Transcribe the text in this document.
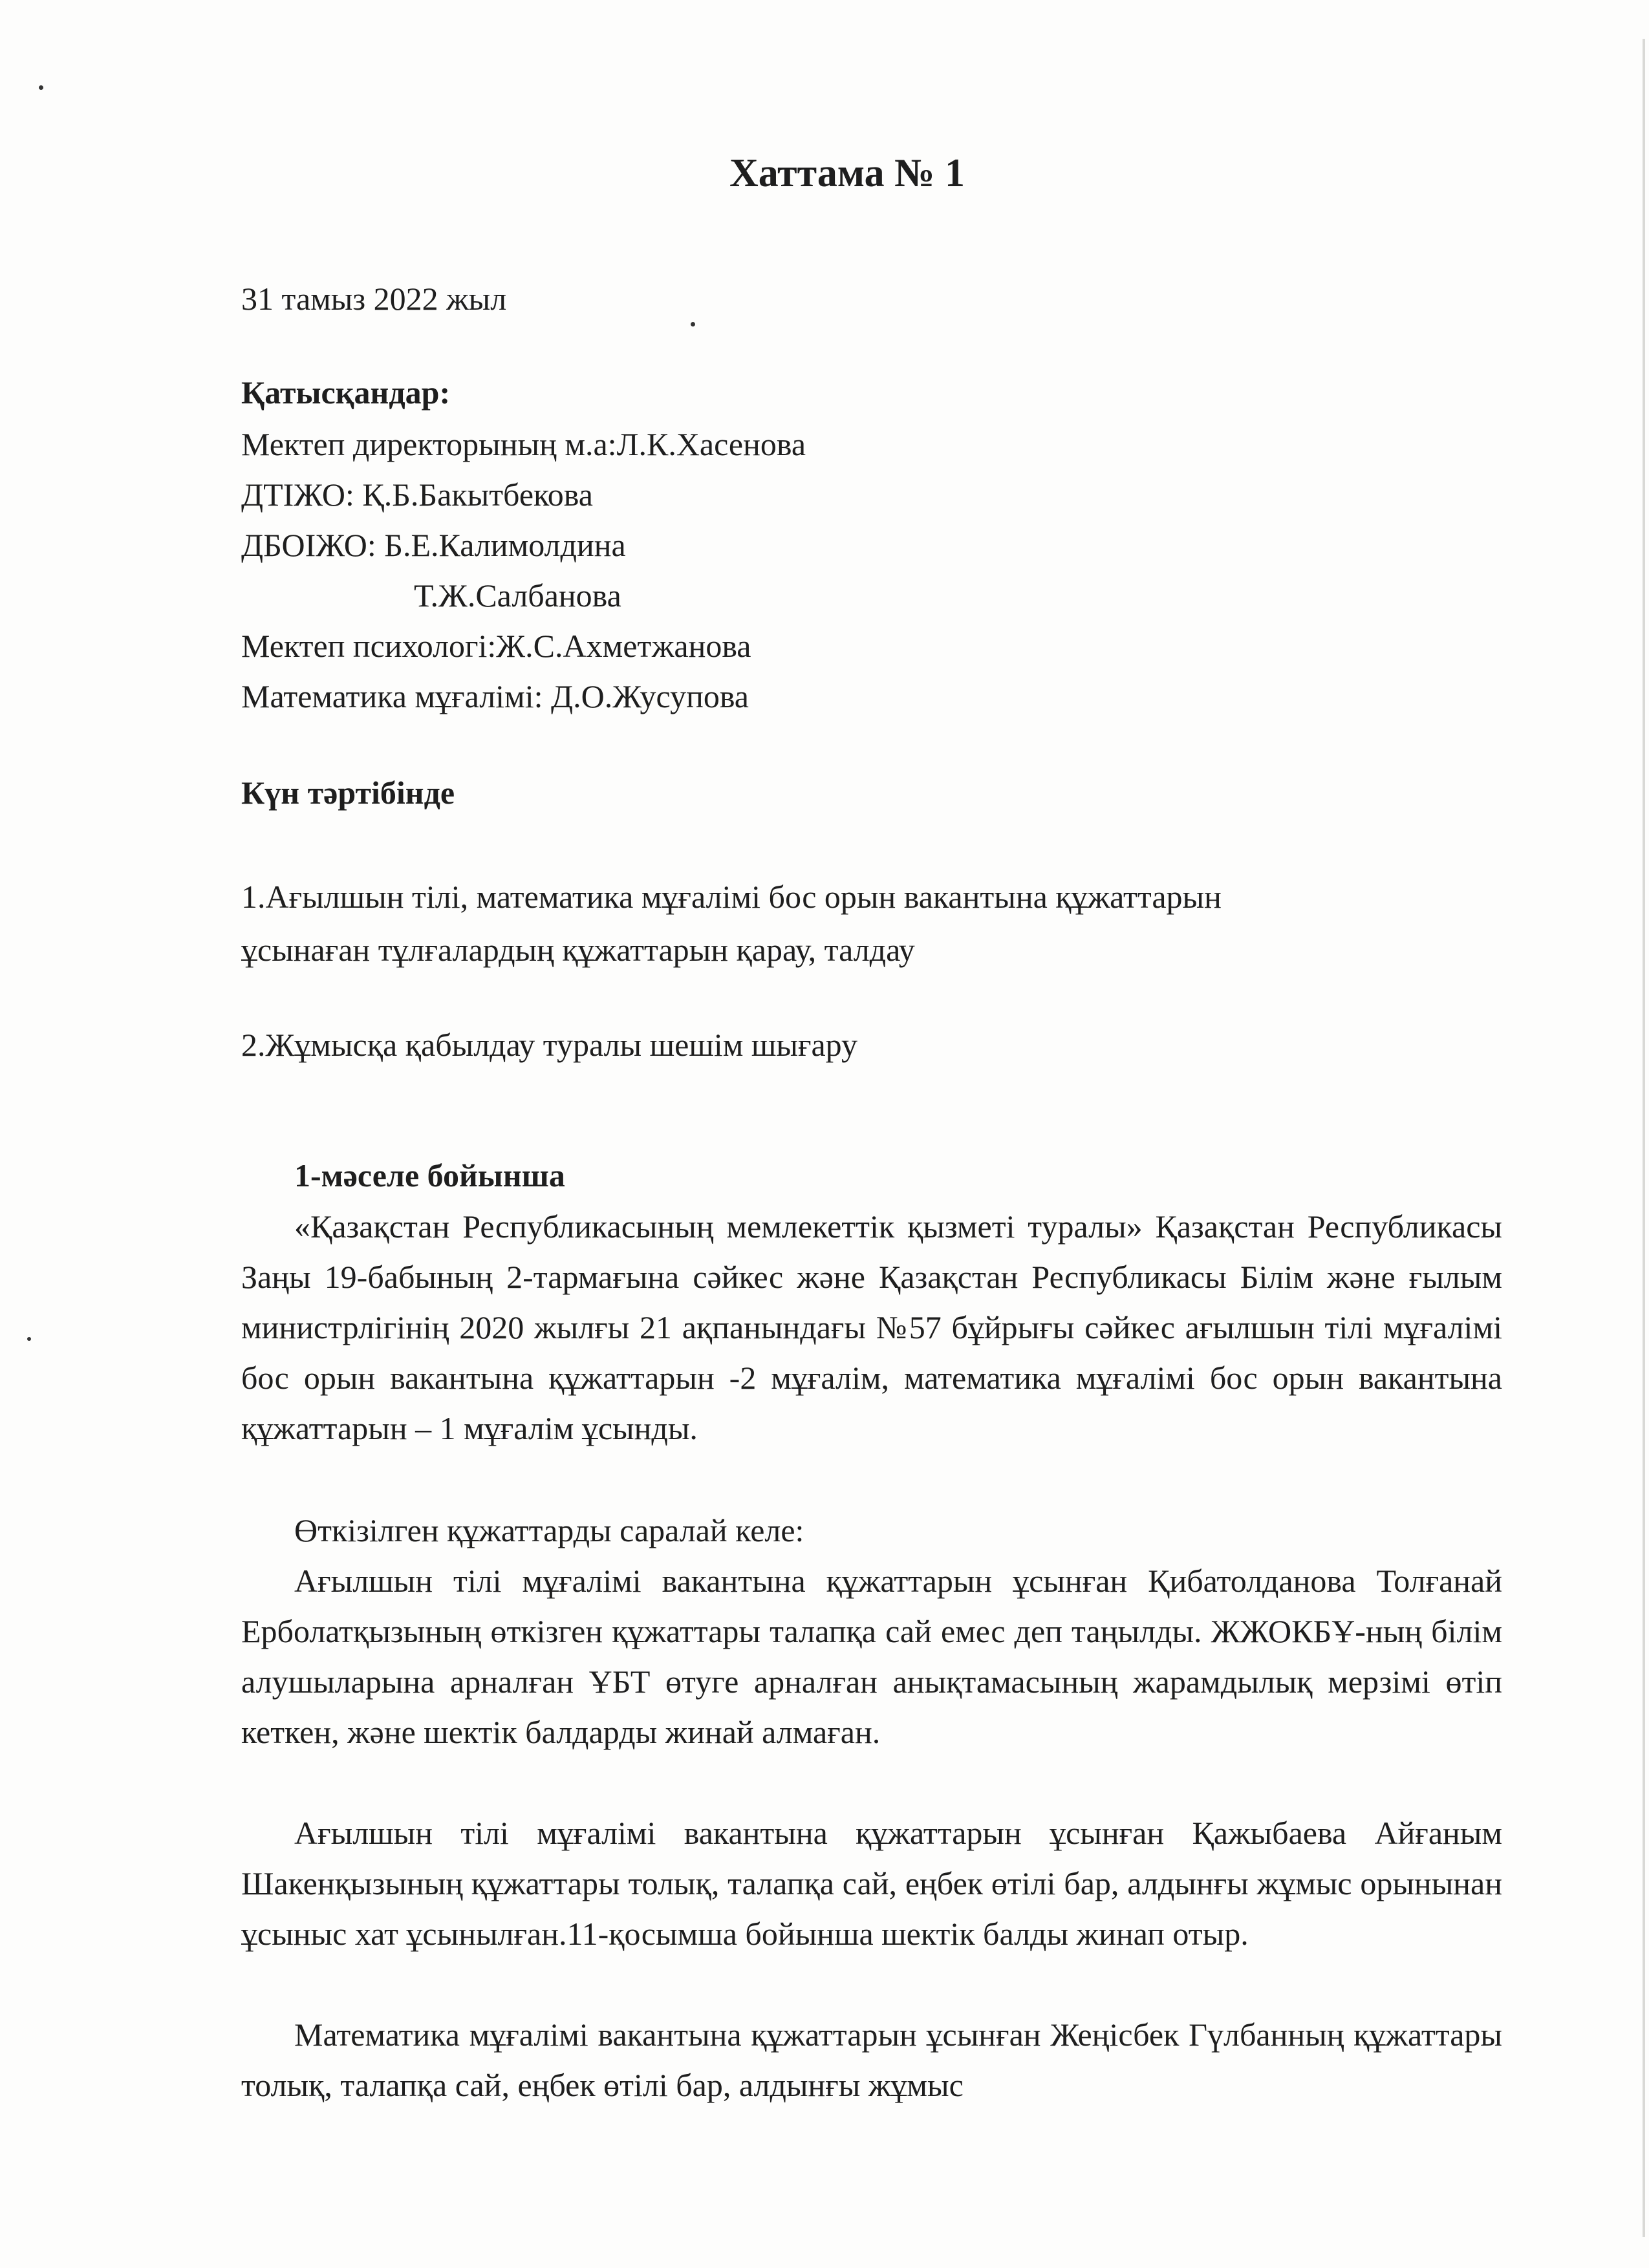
Хаттама № 1
31 тамыз 2022 жыл
Қатысқандар:
Мектеп директорының м.а:Л.К.Хасенова
ДТІЖО: Қ.Б.Бакытбекова
ДБОІЖО: Б.Е.Калимолдина
Т.Ж.Салбанова
Мектеп психологі:Ж.С.Ахметжанова
Математика мұғалімі: Д.О.Жусупова
Күн тәртібінде
1.Ағылшын тілі, математика мұғалімі бос орын вакантына құжаттарын
ұсынаған тұлғалардың құжаттарын қарау, талдау
2.Жұмысқа қабылдау туралы шешім шығару
1-мәселе бойынша
«Қазақстан Республикасының мемлекеттік қызметі туралы» Қазақстан Республикасы Заңы 19-бабының 2-тармағына сәйкес және Қазақстан Республикасы Білім және ғылым министрлігінің 2020 жылғы 21 ақпанындағы №57 бұйрығы сәйкес ағылшын тілі мұғалімі бос орын вакантына құжаттарын -2 мұғалім, математика мұғалімі бос орын вакантына құжаттарын – 1 мұғалім ұсынды.
Өткізілген құжаттарды саралай келе:
Ағылшын тілі мұғалімі вакантына құжаттарын ұсынған Қибатолданова Толғанай Ерболатқызының өткізген құжаттары талапқа сай емес деп таңылды. ЖЖОКБҰ-ның білім алушыларына арналған ҰБТ өтуге арналған анықтамасының жарамдылық мерзімі өтіп кеткен, және шектік балдарды жинай алмаған.
Ағылшын тілі мұғалімі вакантына құжаттарын ұсынған Қажыбаева Айғаным Шакенқызының құжаттары толық, талапқа сай, еңбек өтілі бар, алдынғы жұмыс орынынан ұсыныс хат ұсынылған.11-қосымша бойынша шектік балды жинап отыр.
Математика мұғалімі вакантына құжаттарын ұсынған Жеңісбек Гүлбанның құжаттары толық, талапқа сай, еңбек өтілі бар, алдынғы жұмыс
